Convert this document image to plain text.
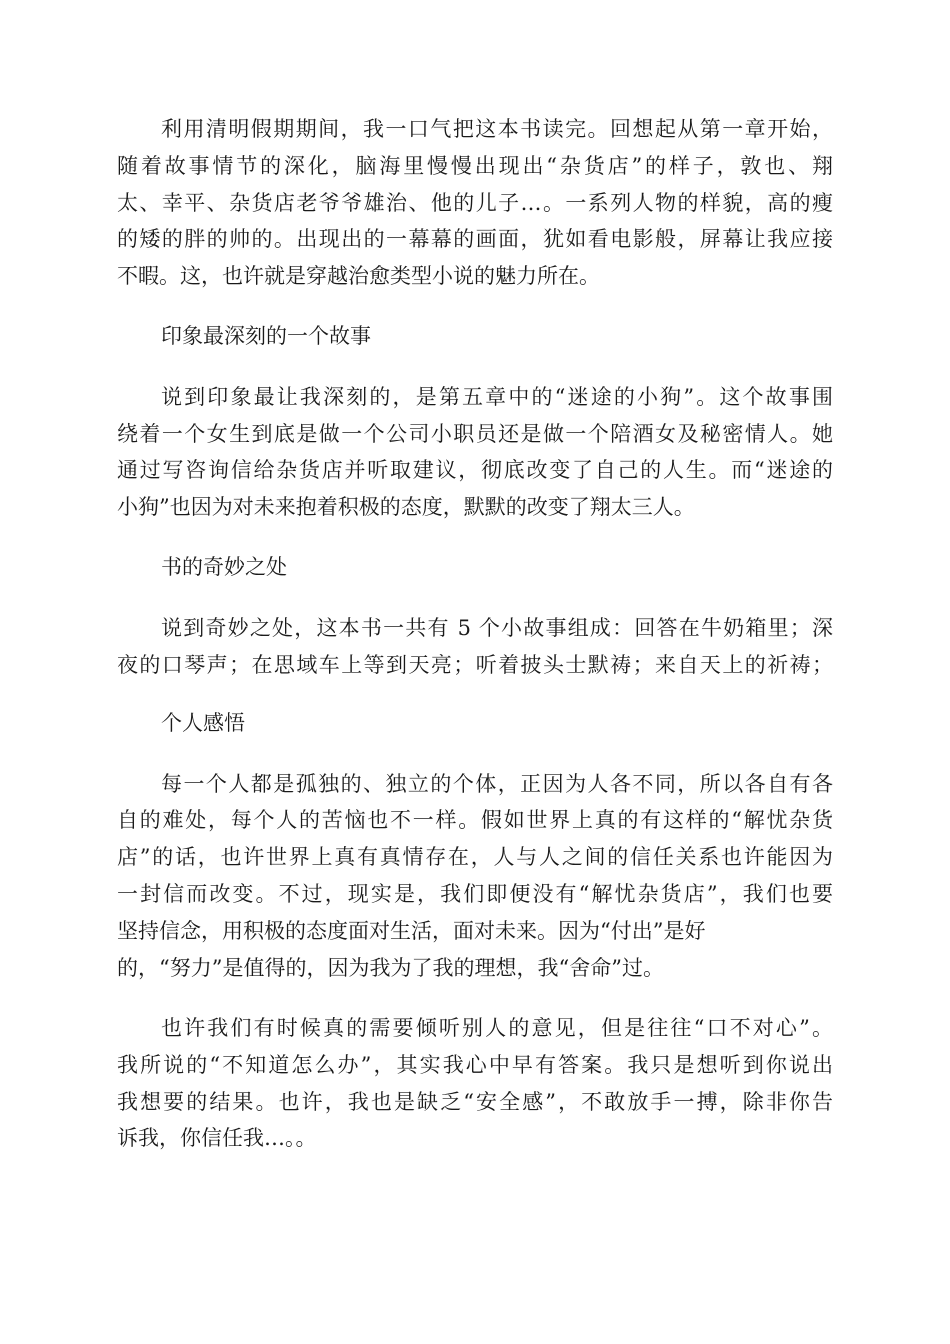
利用清明假期期间，我一口气把这本书读完。回想起从第一章开始，
随着故事情节的深化，脑海里慢慢出现出“杂货店”的样子，敦也、翔
太、幸平、杂货店老爷爷雄治、他的儿子…。一系列人物的样貌，高的瘦
的矮的胖的帅的。出现出的一幕幕的画面，犹如看电影般，屏幕让我应接
不暇。这，也许就是穿越治愈类型小说的魅力所在。
印象最深刻的一个故事
说到印象最让我深刻的，是第五章中的“迷途的小狗”。这个故事围
绕着一个女生到底是做一个公司小职员还是做一个陪酒女及秘密情人。她
通过写咨询信给杂货店并听取建议，彻底改变了自己的人生。而“迷途的
小狗”也因为对未来抱着积极的态度，默默的改变了翔太三人。
书的奇妙之处
说到奇妙之处，这本书一共有 5 个小故事组成：回答在牛奶箱里；深
夜的口琴声；在思域车上等到天亮；听着披头士默祷；来自天上的祈祷；
个人感悟
每一个人都是孤独的、独立的个体，正因为人各不同，所以各自有各
自的难处，每个人的苦恼也不一样。假如世界上真的有这样的“解忧杂货
店”的话，也许世界上真有真情存在，人与人之间的信任关系也许能因为
一封信而改变。不过，现实是，我们即便没有“解忧杂货店”，我们也要
坚持信念，用积极的态度面对生活，面对未来。因为“付出”是好
的，“努力”是值得的，因为我为了我的理想，我“舍命”过。
也许我们有时候真的需要倾听别人的意见，但是往往“口不对心”。
我所说的“不知道怎么办”，其实我心中早有答案。我只是想听到你说出
我想要的结果。也许，我也是缺乏“安全感”，不敢放手一搏，除非你告
诉我，你信任我…。。
